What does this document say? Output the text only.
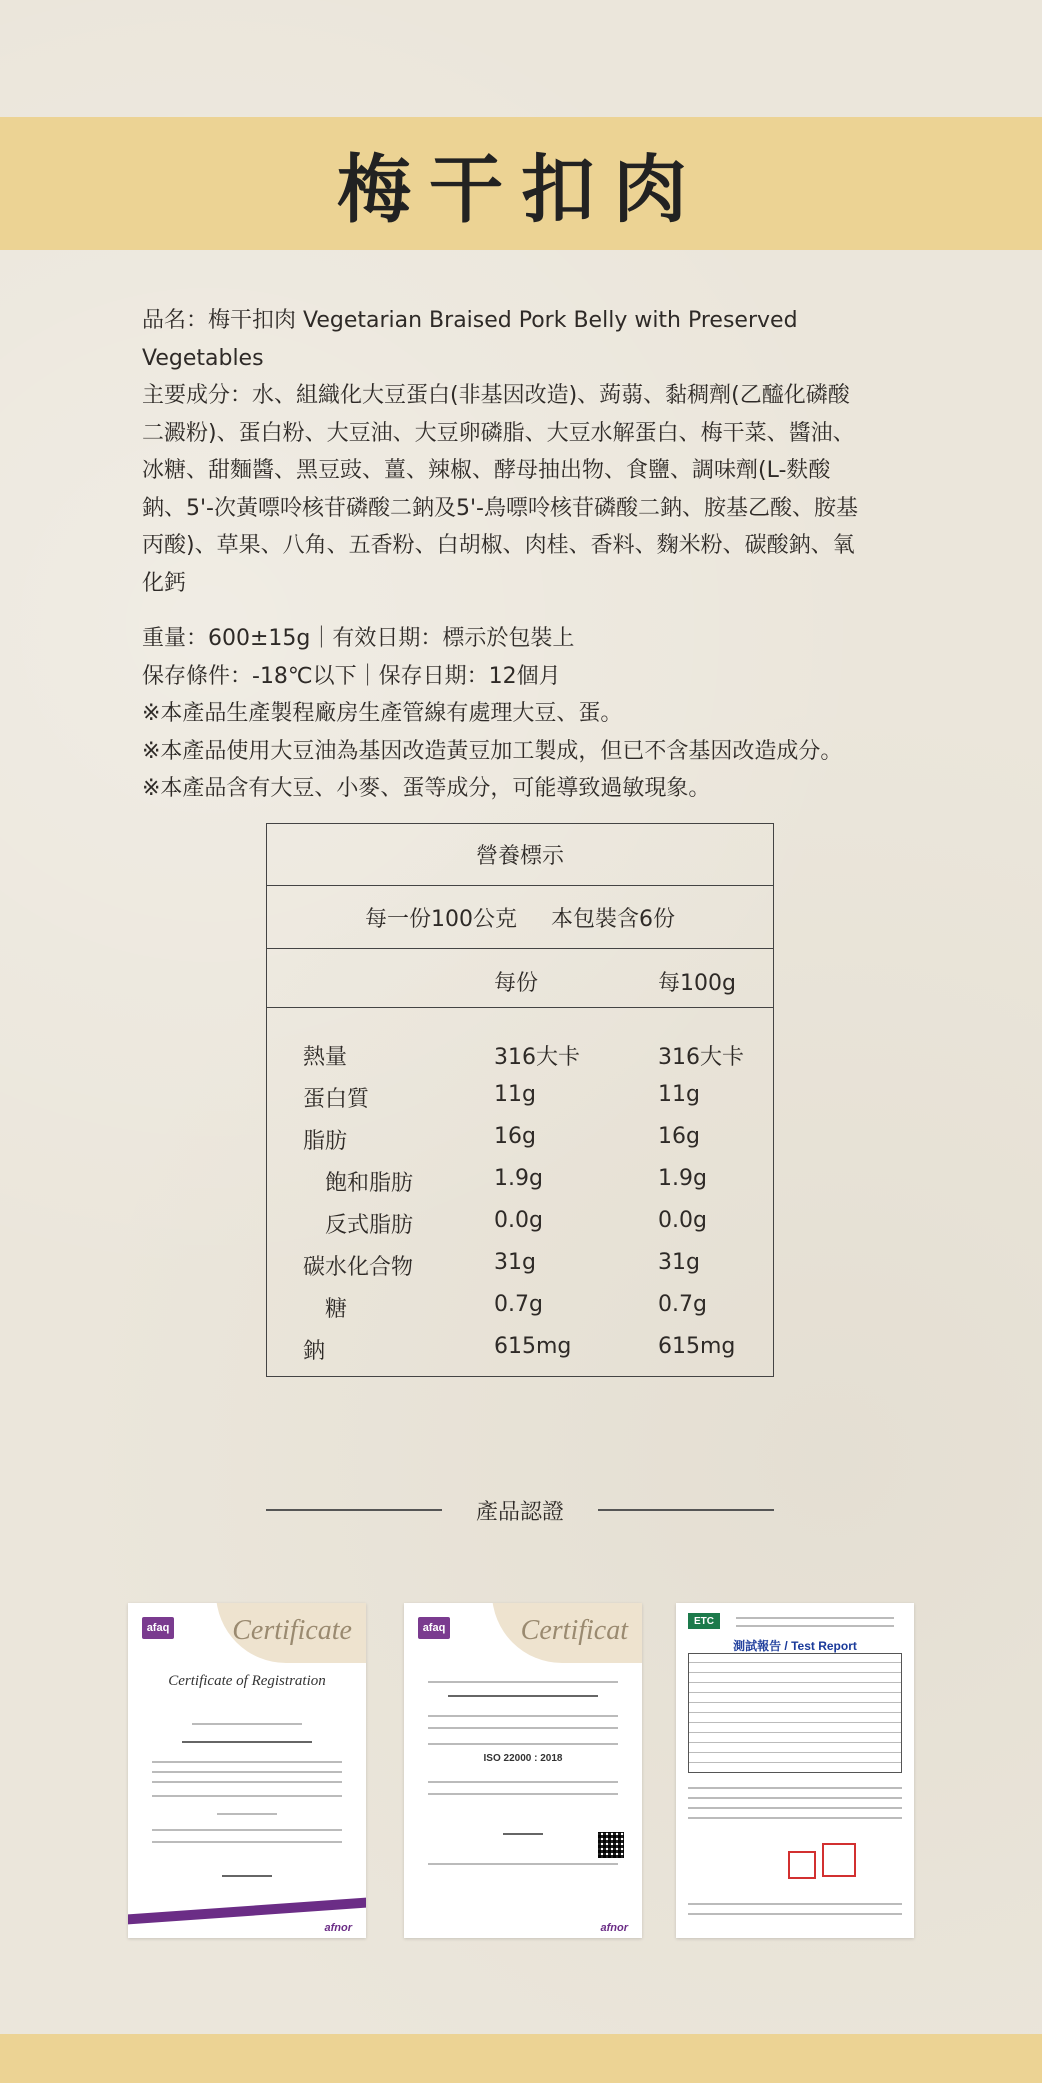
梅干扣肉

品名：梅干扣肉 Vegetarian Braised Pork Belly with Preserved Vegetables

主要成分：水、組織化大豆蛋白(非基因改造)、蒟蒻、黏稠劑(乙醯化磷酸

二澱粉)、蛋白粉、大豆油、大豆卵磷脂、大豆水解蛋白、梅干菜、醬油、

冰糖、甜麵醬、黑豆豉、薑、辣椒、酵母抽出物、食鹽、調味劑(L-麩酸

鈉、5'-次黃嘌呤核苷磷酸二鈉及5'-鳥嘌呤核苷磷酸二鈉、胺基乙酸、胺基

丙酸)、草果、八角、五香粉、白胡椒、肉桂、香料、麴米粉、碳酸鈉、氧

化鈣

重量：600±15g｜有效日期：標示於包裝上

保存條件：-18℃以下｜保存日期：12個月

※本產品生產製程廠房生產管線有處理大豆、蛋。

※本產品使用大豆油為基因改造黃豆加工製成，但已不含基因改造成分。

※本產品含有大豆、小麥、蛋等成分，可能導致過敏現象。

營養標示
每一份100公克 本包裝含6份
每份	每100g
熱量	316大卡	316大卡
蛋白質	11g	11g
脂肪	16g	16g
飽和脂肪	1.9g	1.9g
反式脂肪	0.0g	0.0g
碳水化合物	31g	31g
糖	0.7g	0.7g
鈉	615mg	615mg
產品認證
afaq Certificate
Certificate of Registration
afnor
afaq	Certificat
ISO 22000 : 2018
afnor
ETC
測試報告 / Test Report
